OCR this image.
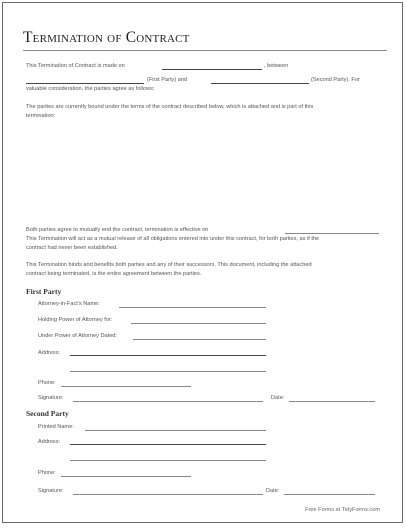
Termination of Contract
This Termination of Contract is made on	, between
(First Party) and	(Second Party). For
valuable consideration, the parties agree as follows:
The parties are currently bound under the terms of the contract described below, which is attached and is part of this
termination:
Both parties agree to mutually end the contract, termination is effective on
This Termination will act as a mutual release of all obligations entered into under this contract, for both parties, as if the
contract had never been established.
This Termination binds and benefits both parties and any of their successors. This document, including the attached
contract being terminated, is the entire agreement between the parties.
First Party
Attorney-in-Fact's Name:
Holding Power of Attorney for:
Under Power of Attorney Dated:
Address:
Phone:
Signature:	Date:
Second Party
Printed Name:
Address:
Phone:
Signature:	Date:
Free Forms at TidyForms.com
